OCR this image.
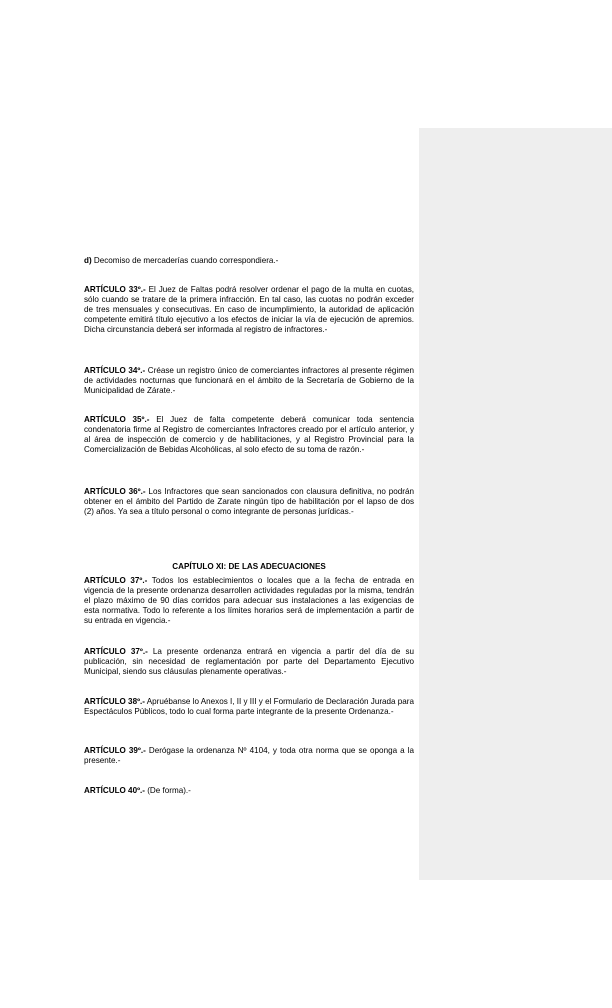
d) Decomiso de mercaderías cuando correspondiera.-

ARTÍCULO 33º.- El Juez de Faltas podrá resolver ordenar el pago de la multa en cuotas, sólo cuando se tratare de la primera infracción. En tal caso, las cuotas no podrán exceder de tres mensuales y consecutivas. En caso de incumplimiento, la autoridad de aplicación competente emitirá título ejecutivo a los efectos de iniciar la vía de ejecución de apremios. Dicha circunstancia deberá ser informada al registro de infractores.-

ARTÍCULO 34º.- Créase un registro único de comerciantes infractores al presente régimen de actividades nocturnas que funcionará en el ámbito de la Secretaría de Gobierno de la Municipalidad de Zárate.-

ARTÍCULO 35º.- El Juez de falta competente deberá comunicar toda sentencia condenatoria firme al Registro de comerciantes Infractores creado por el artículo anterior, y al área de inspección de comercio y de habilitaciones, y al Registro Provincial para la Comercialización de Bebidas Alcohólicas, al solo efecto de su toma de razón.-

ARTÍCULO 36º.- Los Infractores que sean sancionados con clausura definitiva, no podrán obtener en el ámbito del Partido de Zarate ningún tipo de habilitación por el lapso de dos (2) años. Ya sea a título personal o como integrante de personas jurídicas.-

CAPÍTULO XI: DE LAS ADECUACIONES

ARTÍCULO 37º.- Todos los establecimientos o locales que a la fecha de entrada en vigencia de la presente ordenanza desarrollen actividades reguladas por la misma, tendrán el plazo máximo de 90 días corridos para adecuar sus instalaciones a las exigencias de esta normativa. Todo lo referente a los límites horarios será de implementación a partir de su entrada en vigencia.-

ARTÍCULO 37º.- La presente ordenanza entrará en vigencia a partir del día de su publicación, sin necesidad de reglamentación por parte del Departamento Ejecutivo Municipal, siendo sus cláusulas plenamente operativas.-

ARTÍCULO 38º.- Apruébanse lo Anexos I, II y III y el Formulario de Declaración Jurada para Espectáculos Públicos, todo lo cual forma parte integrante de la presente Ordenanza.-

ARTÍCULO 39º.- Derógase la ordenanza Nº 4104, y toda otra norma que se oponga a la presente.-

ARTÍCULO 40º.- (De forma).-
